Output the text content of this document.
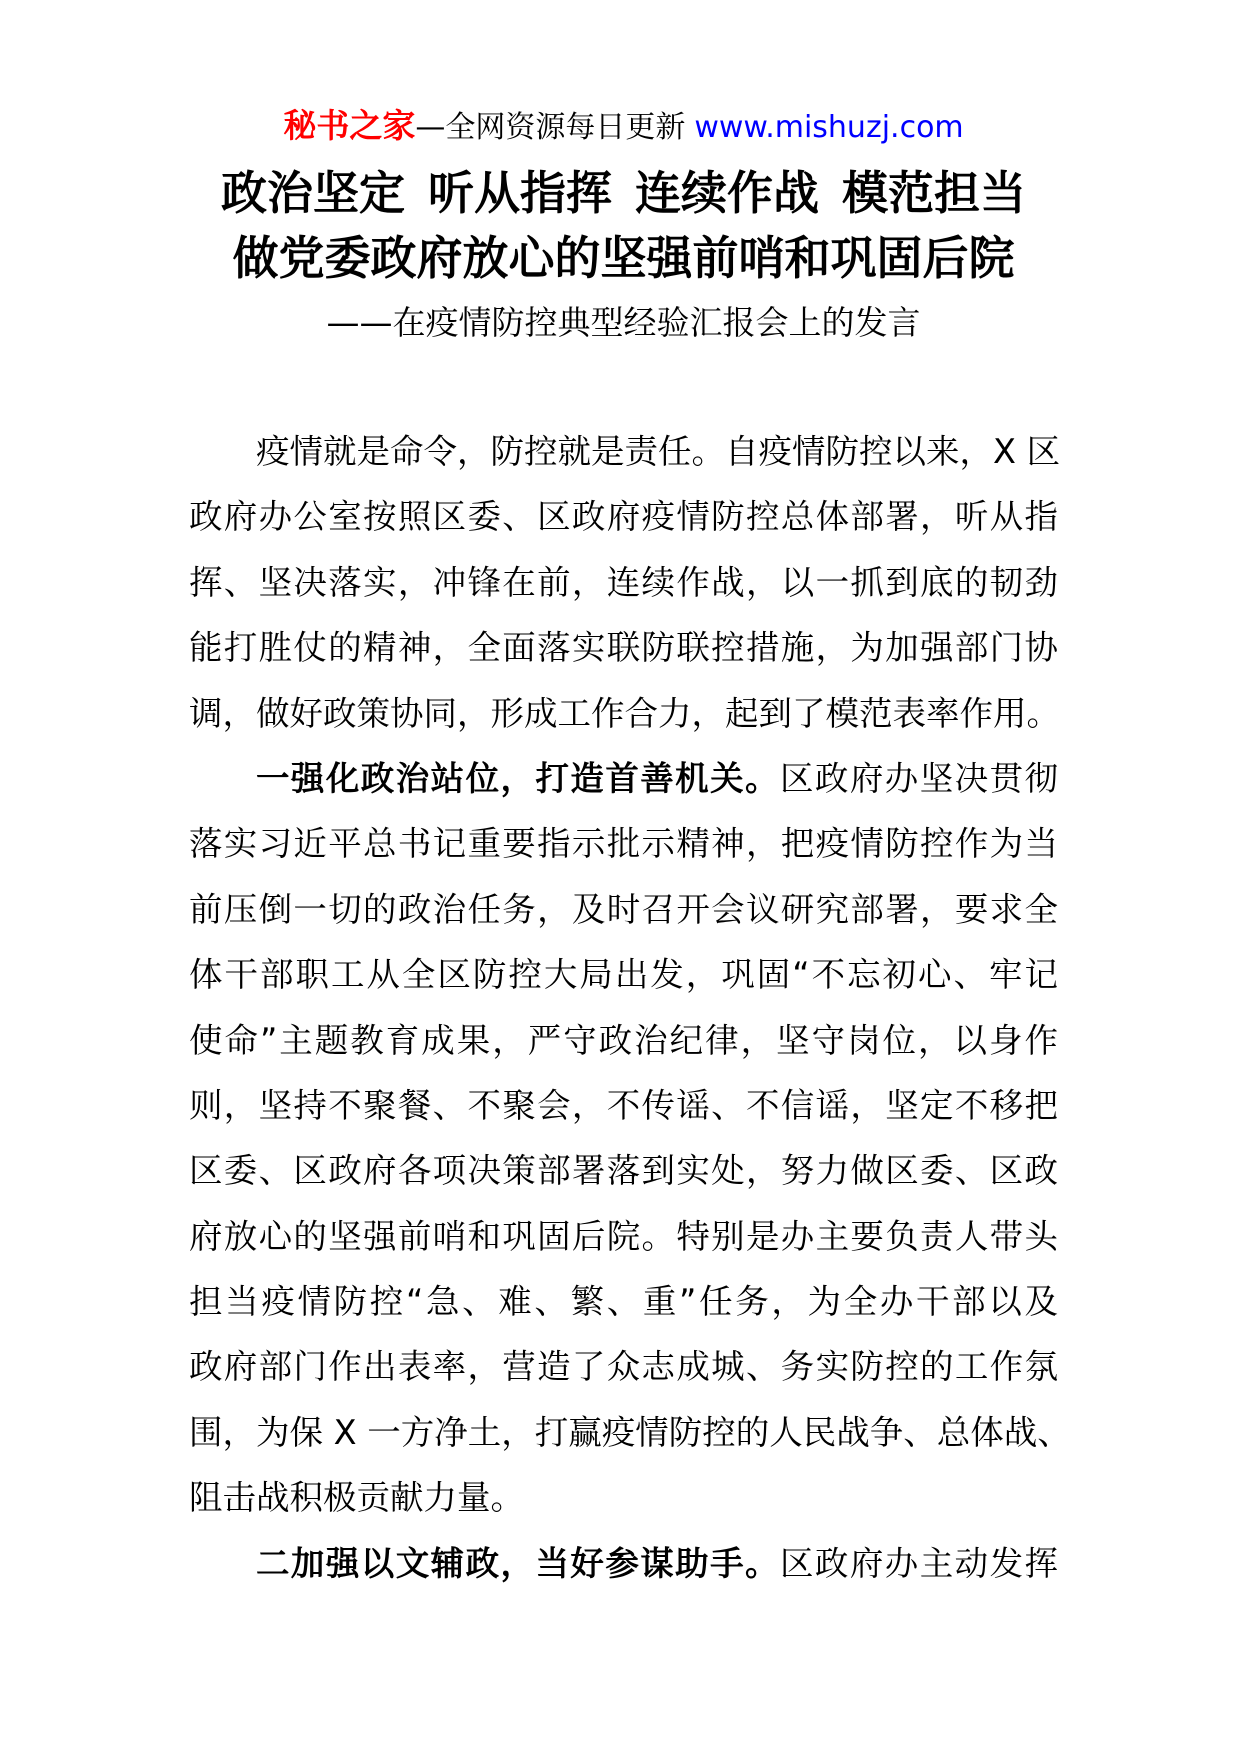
秘书之家—全网资源每日更新 www.mishuzj.com
政治坚定 听从指挥 连续作战 模范担当
做党委政府放心的坚强前哨和巩固后院
——在疫情防控典型经验汇报会上的发言
疫情就是命令，防控就是责任。自疫情防控以来，X 区
政府办公室按照区委、区政府疫情防控总体部署，听从指
挥、坚决落实，冲锋在前，连续作战，以一抓到底的韧劲
能打胜仗的精神，全面落实联防联控措施，为加强部门协
调，做好政策协同，形成工作合力，起到了模范表率作用。
一强化政治站位，打造首善机关。区政府办坚决贯彻
落实习近平总书记重要指示批示精神，把疫情防控作为当
前压倒一切的政治任务，及时召开会议研究部署，要求全
体干部职工从全区防控大局出发，巩固“不忘初心、牢记
使命”主题教育成果，严守政治纪律，坚守岗位，以身作
则，坚持不聚餐、不聚会，不传谣、不信谣，坚定不移把
区委、区政府各项决策部署落到实处，努力做区委、区政
府放心的坚强前哨和巩固后院。特别是办主要负责人带头
担当疫情防控“急、难、繁、重”任务，为全办干部以及
政府部门作出表率，营造了众志成城、务实防控的工作氛
围，为保 X 一方净土，打赢疫情防控的人民战争、总体战、
阻击战积极贡献力量。
二加强以文辅政，当好参谋助手。区政府办主动发挥
